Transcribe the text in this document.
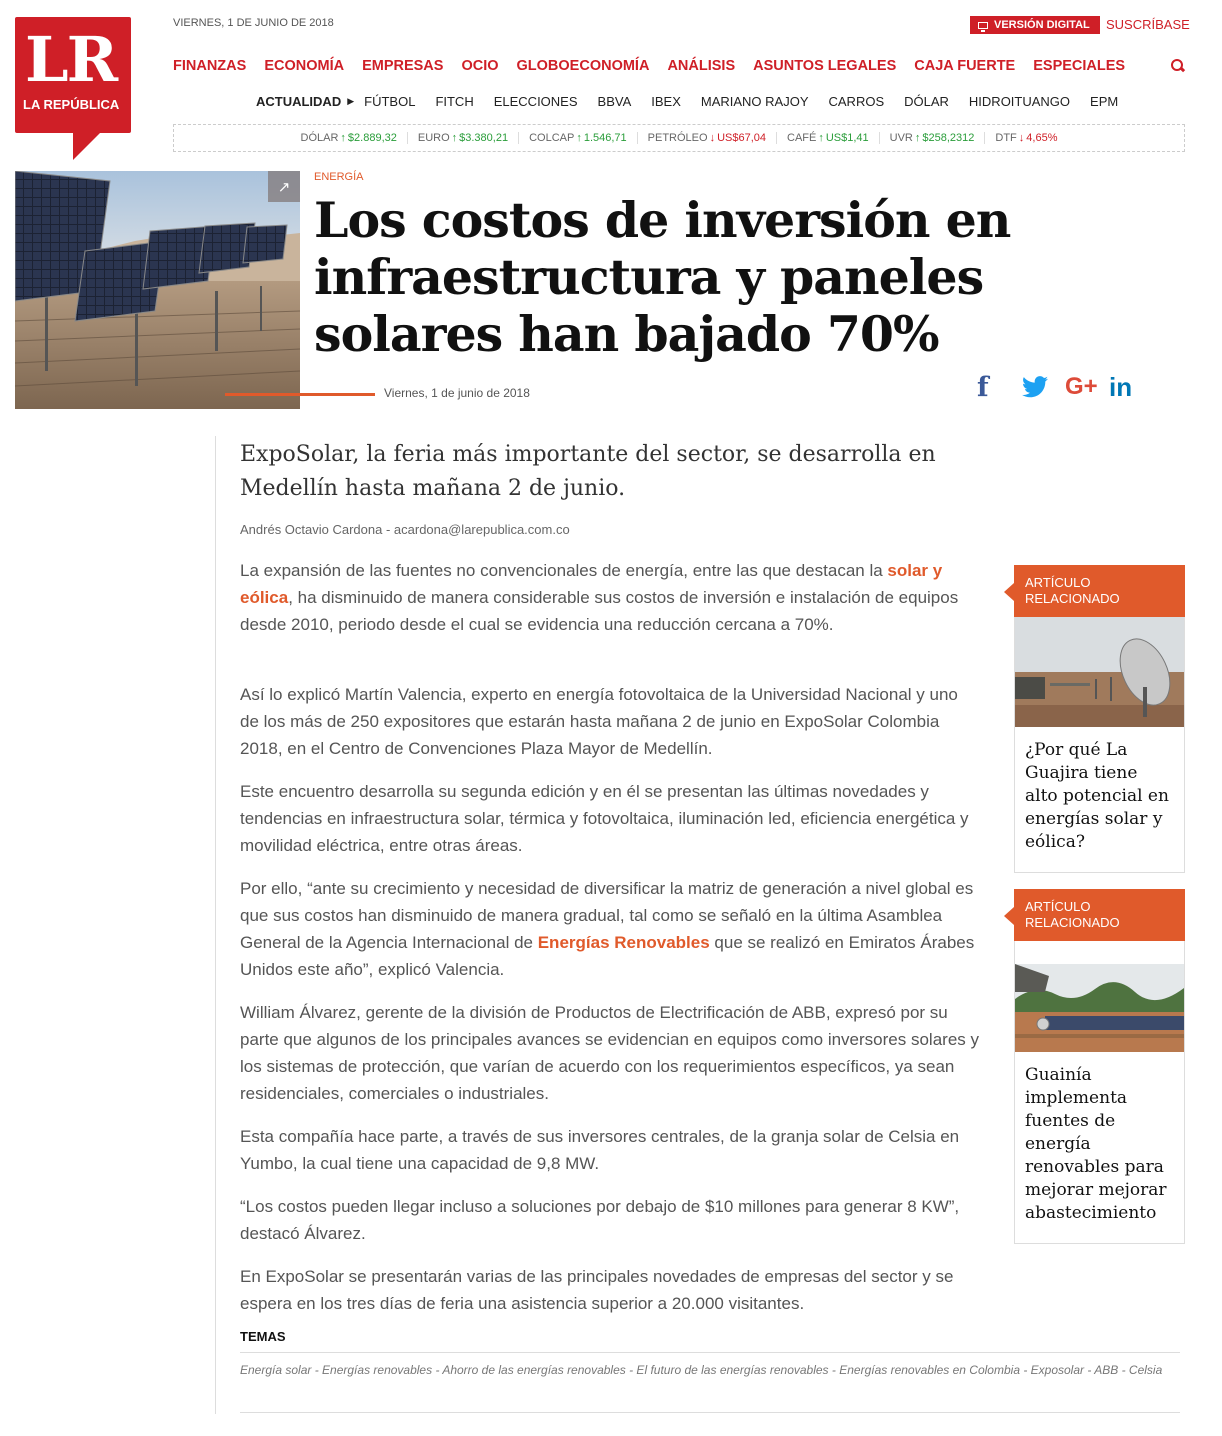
LR
LA REPÚBLICA
VIERNES, 1 DE JUNIO DE 2018	VERSIÓN DIGITAL SUSCRÍBASE
FINANZAS ECONOMÍA EMPRESAS OCIO GLOBOECONOMÍA ANÁLISIS ASUNTOS LEGALES CAJA FUERTE ESPECIALES
ACTUALIDAD ▶ FÚTBOL FITCH ELECCIONES BBVA IBEX MARIANO RAJOY CARROS DÓLAR HIDROITUANGO EPM
DÓLAR ↑ $2.889,32 EURO ↑ $3.380,21 COLCAP ↑ 1.546,71 PETRÓLEO ↓ US$67,04 CAFÉ ↑ US$1,41 UVR ↑ $258,2312 DTF ↓ 4,65%
↗
ENERGÍA
Los costos de inversión en infraestructura y paneles solares han bajado 70%
Viernes, 1 de junio de 2018	f	G+ in

ExpoSolar, la feria más importante del sector, se desarrolla en Medellín hasta mañana 2 de junio.

Andrés Octavio Cardona - acardona@larepublica.com.co

La expansión de las fuentes no convencionales de energía, entre las que destacan la solar y eólica, ha disminuido de manera considerable sus costos de inversión e instalación de equipos desde 2010, periodo desde el cual se evidencia una reducción cercana a 70%.

Así lo explicó Martín Valencia, experto en energía fotovoltaica de la Universidad Nacional y uno de los más de 250 expositores que estarán hasta mañana 2 de junio en ExpoSolar Colombia 2018, en el Centro de Convenciones Plaza Mayor de Medellín.

Este encuentro desarrolla su segunda edición y en él se presentan las últimas novedades y tendencias en infraestructura solar, térmica y fotovoltaica, iluminación led, eficiencia energética y movilidad eléctrica, entre otras áreas.

Por ello, “ante su crecimiento y necesidad de diversificar la matriz de generación a nivel global es que sus costos han disminuido de manera gradual, tal como se señaló en la última Asamblea General de la Agencia Internacional de Energías Renovables que se realizó en Emiratos Árabes Unidos este año”, explicó Valencia.

William Álvarez, gerente de la división de Productos de Electrificación de ABB, expresó por su parte que algunos de los principales avances se evidencian en equipos como inversores solares y los sistemas de protección, que varían de acuerdo con los requerimientos específicos, ya sean residenciales, comerciales o industriales.

Esta compañía hace parte, a través de sus inversores centrales, de la granja solar de Celsia en Yumbo, la cual tiene una capacidad de 9,8 MW.

“Los costos pueden llegar incluso a soluciones por debajo de $10 millones para generar 8 KW”, destacó Álvarez.

En ExpoSolar se presentarán varias de las principales novedades de empresas del sector y se espera en los tres días de feria una asistencia superior a 20.000 visitantes.

TEMAS
Energía solar - Energías renovables - Ahorro de las energías renovables - El futuro de las energías renovables - Energías renovables en Colombia - Exposolar - ABB - Celsia
ARTÍCULO RELACIONADO
¿Por qué La Guajira tiene alto potencial en energías solar y eólica?
ARTÍCULO RELACIONADO
Guainía implementa fuentes de energía renovables para mejorar mejorar abastecimiento
